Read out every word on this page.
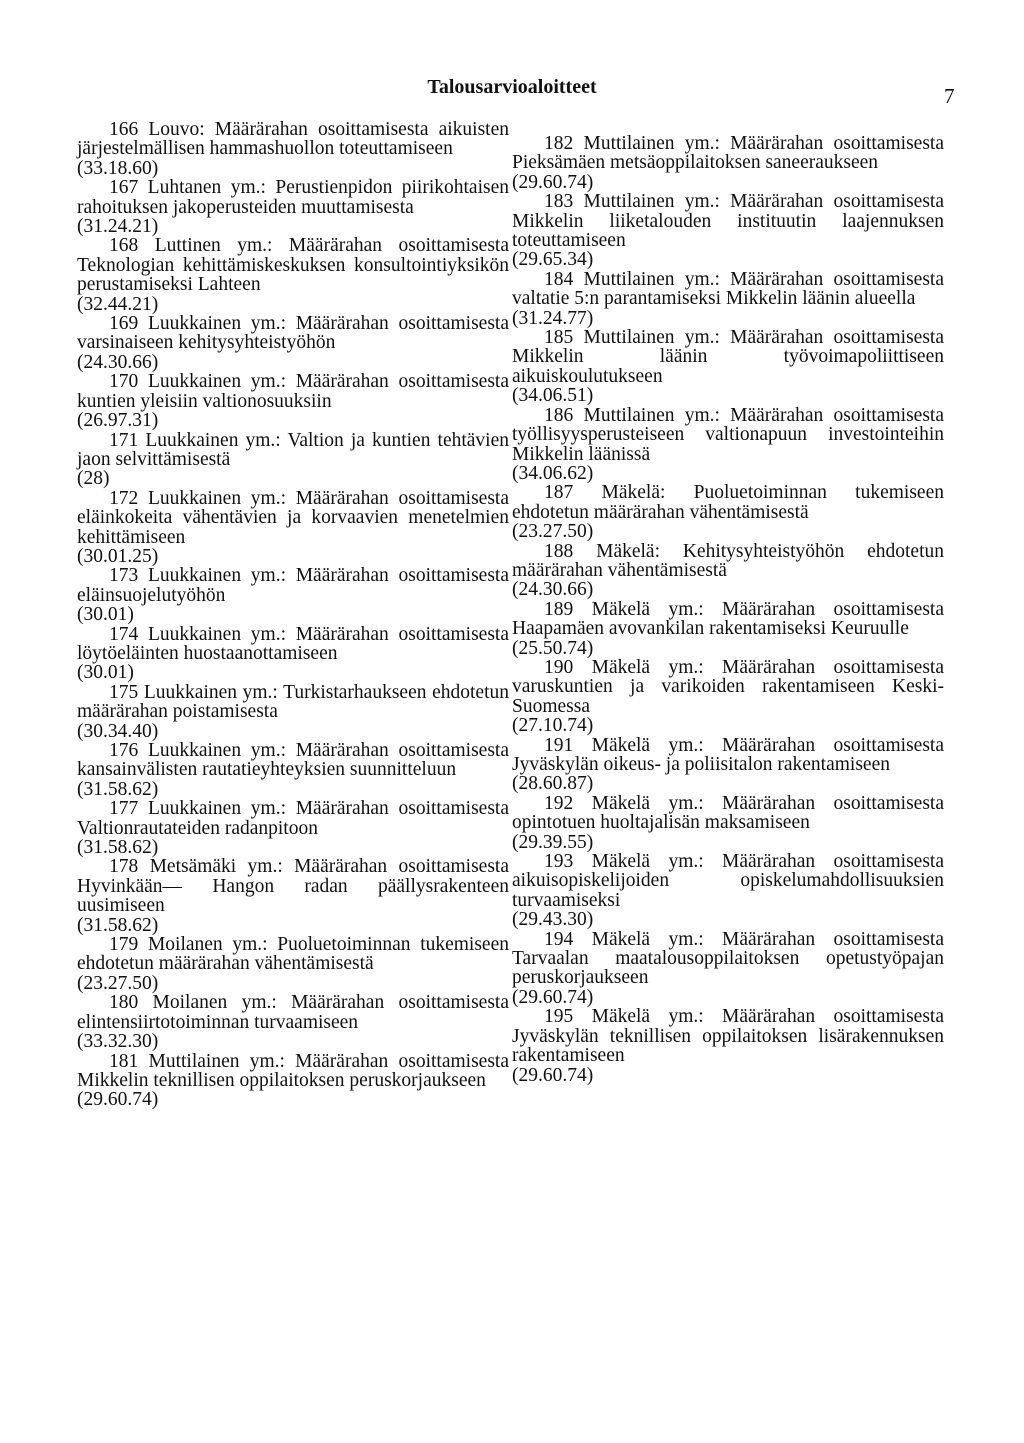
Talousarvioaloitteet	7
166 Louvo: Määrärahan osoittamisesta aikuisten järjestelmällisen hammashuollon toteuttamiseen
(33.18.60)
167 Luhtanen ym.: Perustienpidon piirikohtaisen rahoituksen jakoperusteiden muuttamisesta
(31.24.21)
168 Luttinen ym.: Määrärahan osoittamisesta Teknologian kehittämiskeskuksen konsultointiyksikön perustamiseksi Lahteen
(32.44.21)
169 Luukkainen ym.: Määrärahan osoittamisesta varsinaiseen kehitysyhteistyöhön
(24.30.66)
170 Luukkainen ym.: Määrärahan osoittamisesta kuntien yleisiin valtionosuuksiin
(26.97.31)
171 Luukkainen ym.: Valtion ja kuntien tehtävien jaon selvittämisestä
(28)
172 Luukkainen ym.: Määrärahan osoittamisesta eläinkokeita vähentävien ja korvaavien menetelmien kehittämiseen
(30.01.25)
173 Luukkainen ym.: Määrärahan osoittamisesta eläinsuojelutyöhön
(30.01)
174 Luukkainen ym.: Määrärahan osoittamisesta löytöeläinten huostaanottamiseen
(30.01)
175 Luukkainen ym.: Turkistarhaukseen ehdotetun määrärahan poistamisesta
(30.34.40)
176 Luukkainen ym.: Määrärahan osoittamisesta kansainvälisten rautatieyhteyksien suunnitteluun
(31.58.62)
177 Luukkainen ym.: Määrärahan osoittamisesta Valtionrautateiden radanpitoon
(31.58.62)
178 Metsämäki ym.: Määrärahan osoittamisesta Hyvinkään— Hangon radan päällysrakenteen uusimiseen
(31.58.62)
179 Moilanen ym.: Puoluetoiminnan tukemiseen ehdotetun määrärahan vähentämisestä
(23.27.50)
180 Moilanen ym.: Määrärahan osoittamisesta elintensiirtotoiminnan turvaamiseen
(33.32.30)
181 Muttilainen ym.: Määrärahan osoittamisesta Mikkelin teknillisen oppilaitoksen peruskorjaukseen
(29.60.74)
182 Muttilainen ym.: Määrärahan osoittamisesta Pieksämäen metsäoppilaitoksen saneeraukseen
(29.60.74)
183 Muttilainen ym.: Määrärahan osoittamisesta Mikkelin liiketalouden instituutin laajennuksen toteuttamiseen
(29.65.34)
184 Muttilainen ym.: Määrärahan osoittamisesta valtatie 5:n parantamiseksi Mikkelin läänin alueella
(31.24.77)
185 Muttilainen ym.: Määrärahan osoittamisesta Mikkelin läänin työvoimapoliittiseen aikuiskoulutukseen
(34.06.51)
186 Muttilainen ym.: Määrärahan osoittamisesta työllisyysperusteiseen valtionapuun investointeihin Mikkelin läänissä
(34.06.62)
187 Mäkelä: Puoluetoiminnan tukemiseen ehdotetun määrärahan vähentämisestä
(23.27.50)
188 Mäkelä: Kehitysyhteistyöhön ehdotetun määrärahan vähentämisestä
(24.30.66)
189 Mäkelä ym.: Määrärahan osoittamisesta Haapamäen avovankilan rakentamiseksi Keuruulle
(25.50.74)
190 Mäkelä ym.: Määrärahan osoittamisesta varuskuntien ja varikoiden rakentamiseen Keski-Suomessa
(27.10.74)
191 Mäkelä ym.: Määrärahan osoittamisesta Jyväskylän oikeus- ja poliisitalon rakentamiseen
(28.60.87)
192 Mäkelä ym.: Määrärahan osoittamisesta opintotuen huoltajalisän maksamiseen
(29.39.55)
193 Mäkelä ym.: Määrärahan osoittamisesta aikuisopiskelijoiden opiskelumahdollisuuksien turvaamiseksi
(29.43.30)
194 Mäkelä ym.: Määrärahan osoittamisesta Tarvaalan maatalousoppilaitoksen opetustyöpajan peruskorjaukseen
(29.60.74)
195 Mäkelä ym.: Määrärahan osoittamisesta Jyväskylän teknillisen oppilaitoksen lisärakennuksen rakentamiseen
(29.60.74)
